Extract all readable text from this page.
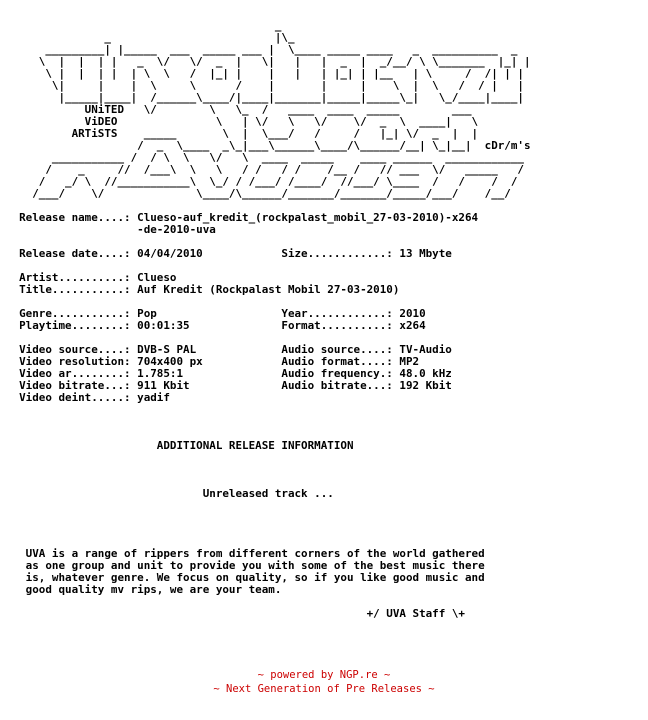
_
_                         |\_
_________| |_____  ___  _____ ___ |  \____ _____ ____   _  __________  _
\  |  |  | |   _  \/   \/  _  |   \|   |   |  _  |  _/__/ \ \_______  |_| |
\ |  |  | |  | \  \   /  |_| |    |   |   | |_| | |__   | \     /  /| | |
\|     |    |  \     \      /    |       |     |    \  |  \   /  / |   |
|_____|____|  /______\____/|____|_______|_____|_____\_|   \_/____|____|
UNiTED   \/        \   \_  /   ____  ____  _____        ___
ViDEO               \   | \/   \   \/    \/  _  \  ____|   \
ARTiSTS    _____       \  |  \___/   /     /   |_| \/  _  |  |
/  _  \____  _\_|___\______\____/\______/__| \_|__|  cDr/m's
___________ /  / \  \   \/   \  ____  _____    ____ ______  ____________
/    _     //  /___\  \   \   / /   / /    /__ /   // ___  \/   _____   /
/   _/ \  //___________\  \_/ / /___/ /____/  //___/ \____  /   /    /  /
/___/    \/              \____/\______/_______/_______/_____/___/    /__/

Release name....: Clueso-auf_kredit_(rockpalast_mobil_27-03-2010)-x264
-de-2010-uva

Release date....: 04/04/2010            Size............: 13 Mbyte

Artist..........: Clueso
Title...........: Auf Kredit (Rockpalast Mobil 27-03-2010)

Genre...........: Pop                   Year............: 2010
Playtime........: 00:01:35              Format..........: x264

Video source....: DVB-S PAL             Audio source....: TV-Audio
Video resolution: 704x400 px            Audio format....: MP2
Video ar........: 1.785:1               Audio frequency.: 48.0 kHz
Video bitrate...: 911 Kbit              Audio bitrate...: 192 Kbit
Video deint.....: yadif

ADDITIONAL RELEASE INFORMATION

Unreleased track ...

UVA is a range of rippers from different corners of the world gathered
as one group and unit to provide you with some of the best music there
is, whatever genre. We focus on quality, so if you like good music and
good quality mv rips, we are your team.

+/ UVA Staff \+

~ powered by NGP.re ~
~ Next Generation of Pre Releases ~
